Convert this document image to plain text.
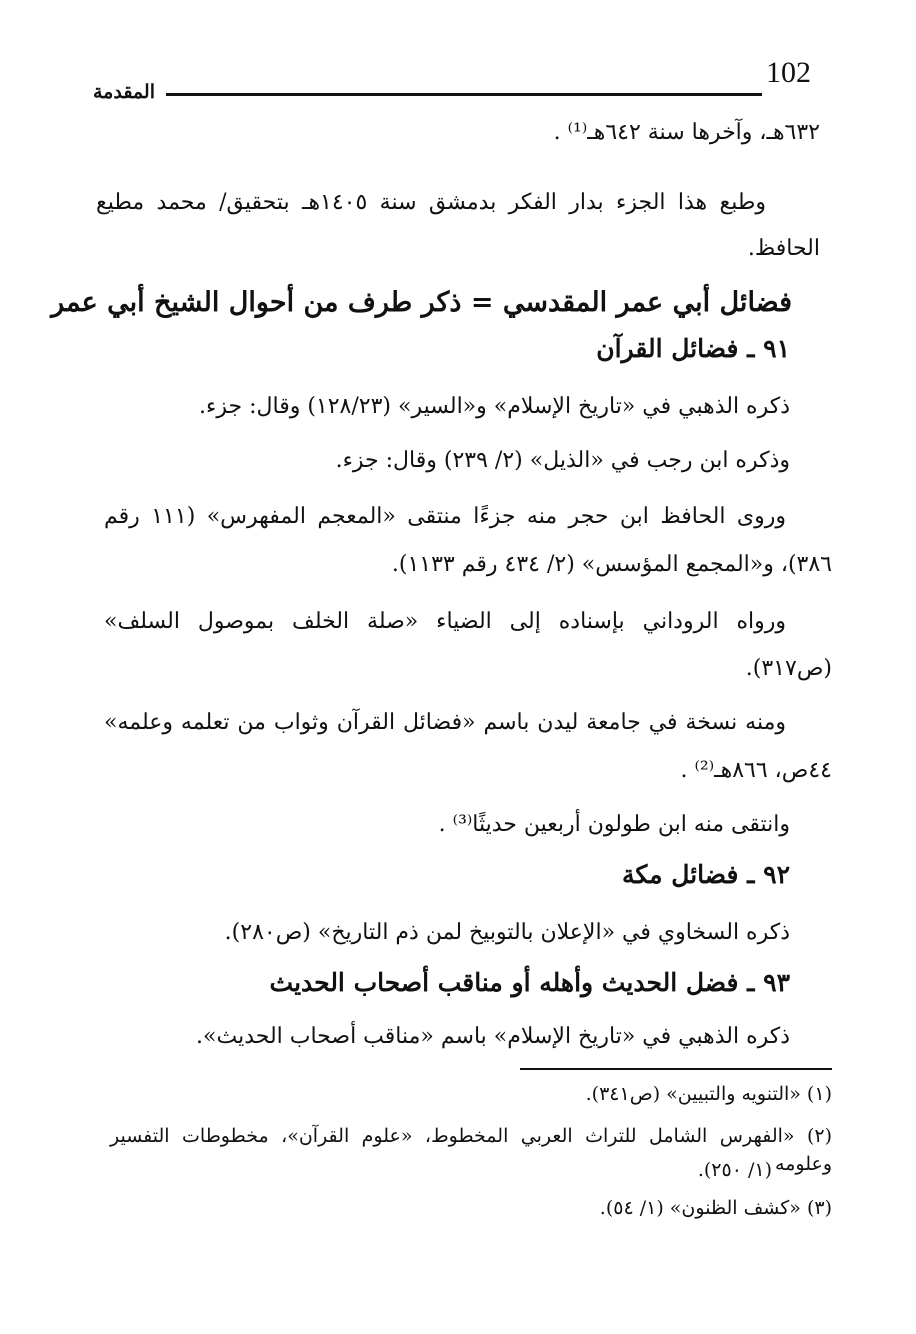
102
المقدمة
٦٣٢هـ، وآخرها سنة ٦٤٢هـ⁽¹⁾ .
وطبع هذا الجزء بدار الفكر بدمشق سنة ١٤٠٥هـ بتحقيق/ محمد مطيع
الحافظ.
فضائل أبي عمر المقدسي = ذكر طرف من أحوال الشيخ أبي عمر
٩١ ـ فضائل القرآن
ذكره الذهبي في «تاريخ الإسلام» و«السير» (١٢٨/٢٣) وقال: جزء.
وذكره ابن رجب في «الذيل» (٢/ ٢٣٩) وقال: جزء.
وروى الحافظ ابن حجر منه جزءًا منتقى «المعجم المفهرس» (١١١ رقم
٣٨٦)، و«المجمع المؤسس» (٢/ ٤٣٤ رقم ١١٣٣).
ورواه الروداني بإسناده إلى الضياء «صلة الخلف بموصول السلف»
(ص٣١٧).
ومنه نسخة في جامعة ليدن باسم «فضائل القرآن وثواب من تعلمه وعلمه»
٤٤ص، ٨٦٦هـ⁽²⁾ .
وانتقى منه ابن طولون أربعين حديثًا⁽³⁾ .
٩٢ ـ فضائل مكة
ذكره السخاوي في «الإعلان بالتوبيخ لمن ذم التاريخ» (ص٢٨٠).
٩٣ ـ فضل الحديث وأهله أو مناقب أصحاب الحديث
ذكره الذهبي في «تاريخ الإسلام» باسم «مناقب أصحاب الحديث».
(١) «التنويه والتبيين» (ص٣٤١).
(٢) «الفهرس الشامل للتراث العربي المخطوط، «علوم القرآن»، مخطوطات التفسير وعلومه
(١/ ٢٥٠).
(٣) «كشف الظنون» (١/ ٥٤).
